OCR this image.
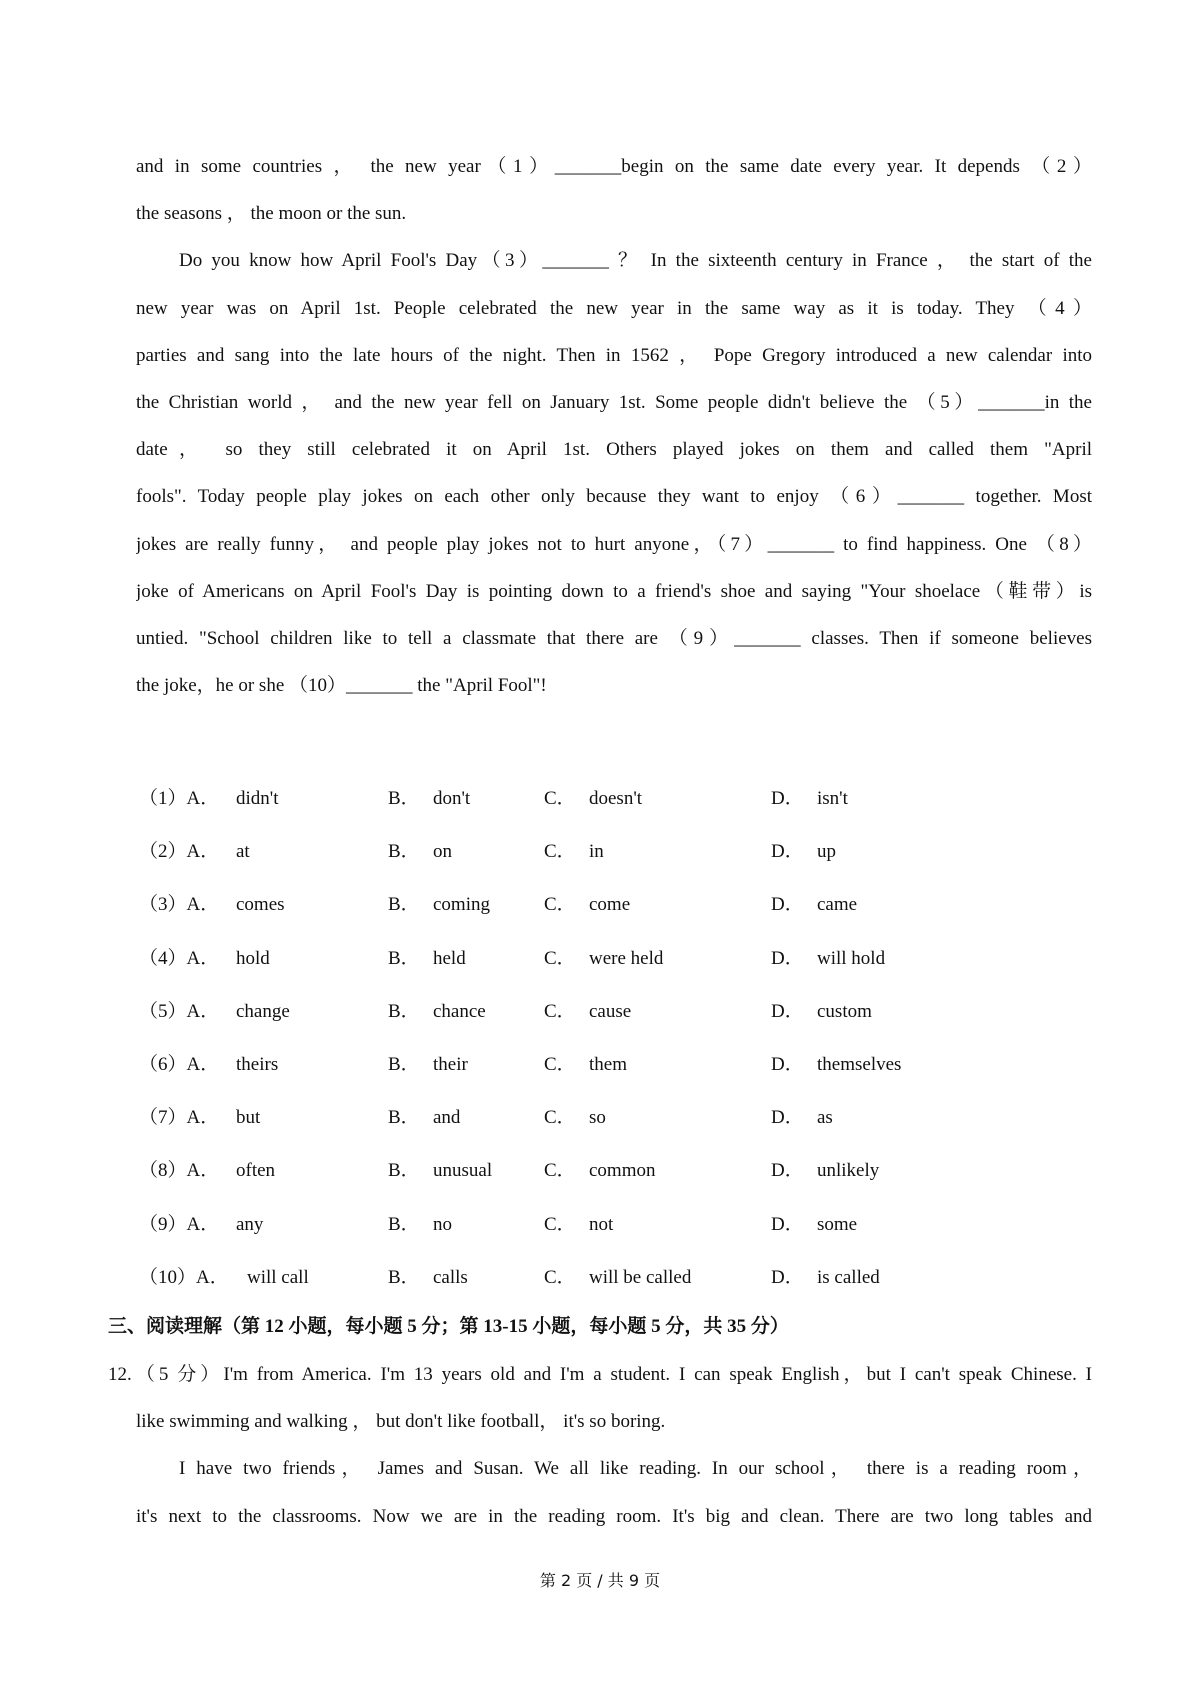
and in some countries ， the new year（1）_______begin on the same date every year. It depends （2）
the seasons ， the moon or the sun.
Do you know how April Fool's Day（3）_______ ？ In the sixteenth century in France ， the start of the
new year was on April 1st. People celebrated the new year in the same way as it is today. They （4）
parties and sang into the late hours of the night. Then in 1562 ， Pope Gregory introduced a new calendar into
the Christian world ， and the new year fell on January 1st. Some people didn't believe the （5）_______in the
date， so they still celebrated it on April 1st. Others played jokes on them and called them "April
fools". Today people play jokes on each other only because they want to enjoy （6）_______ together. Most
jokes are really funny， and people play jokes not to hurt anyone，（7）_______ to find happiness. One （8）
joke of Americans on April Fool's Day is pointing down to a friend's shoe and saying "Your shoelace（鞋带）is
untied. "School children like to tell a classmate that there are （9）_______ classes. Then if someone believes
the joke，he or she （10）_______ the "April Fool"!
（1）A． didn't	B． don't	C． doesn't	D． isn't
（2）A． at	B． on	C． in	D． up
（3）A． comes	B． coming	C． come	D． came
（4）A． hold	B． held	C． were held	D． will hold
（5）A． change	B． chance	C． cause	D． custom
（6）A． theirs	B． their	C． them	D． themselves
（7）A． but	B． and	C． so	D． as
（8）A． often	B． unusual	C． common	D． unlikely
（9）A． any	B． no	C． not	D． some
（10）A． will call	B． calls	C． will be called	D． is called
三、阅读理解（第 12 小题，每小题 5 分；第 13-15 小题，每小题 5 分，共 35 分）
12.（5 分）I'm from America. I'm 13 years old and I'm a student. I can speak English，but I can't speak Chinese. I
like swimming and walking ， but don't like football， it's so boring.
I have two friends， James and Susan. We all like reading. In our school， there is a reading room，
it's next to the classrooms. Now we are in the reading room. It's big and clean. There are two long tables and
第 2 页 / 共 9 页
